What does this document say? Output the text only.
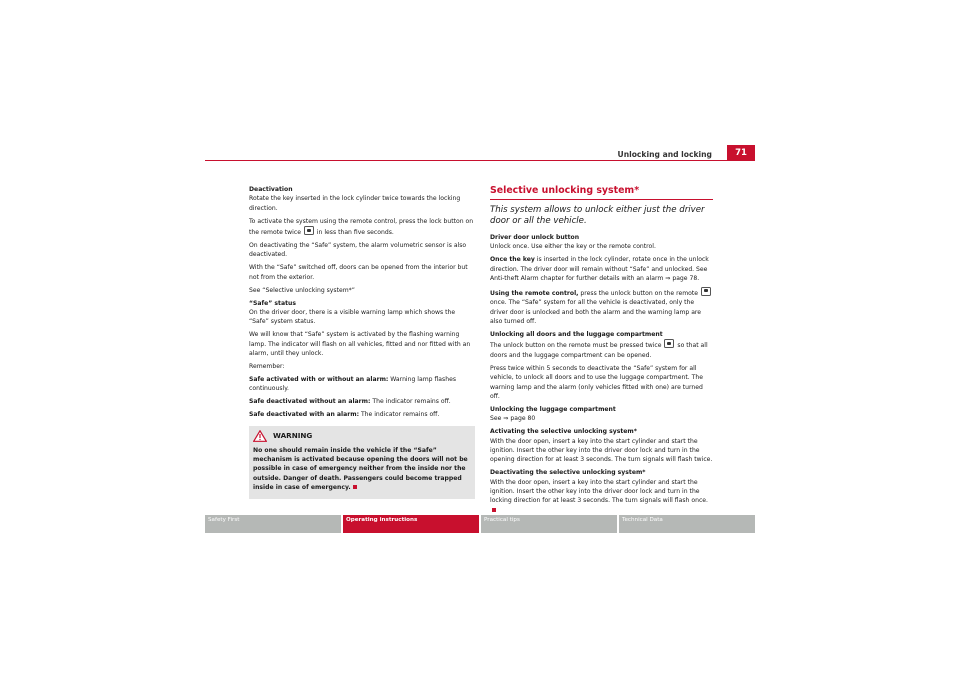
Unlocking and locking	71

Deactivation
Rotate the key inserted in the lock cylinder twice towards the locking direction.

To activate the system using the remote control, press the lock button on the remote twice	in less than five seconds.

On deactivating the “Safe” system, the alarm volumetric sensor is also deactivated.

With the “Safe” switched off, doors can be opened from the interior but not from the exterior.

See “Selective unlocking system*”

“Safe” status
On the driver door, there is a visible warning lamp which shows the “Safe” system status.

We will know that “Safe” system is activated by the flashing warning lamp. The indicator will flash on all vehicles, fitted and nor fitted with an alarm, until they unlock.

Remember:

Safe activated with or without an alarm: Warning lamp flashes continuously.

Safe deactivated without an alarm: The indicator remains off.

Safe deactivated with an alarm: The indicator remains off.

WARNING
No one should remain inside the vehicle if the “Safe” mechanism is activated because opening the doors will not be possible in case of emergency neither from the inside nor the outside. Danger of death. Passengers could become trapped inside in case of emergency.
Selective unlocking system*
This system allows to unlock either just the driver door or all the vehicle.

Driver door unlock button
Unlock once. Use either the key or the remote control.

Once the key is inserted in the lock cylinder, rotate once in the unlock direction. The driver door will remain without “Safe” and unlocked. See Anti-theft Alarm chapter for further details with an alarm ⇒ page 78.

Using the remote control, press the unlock button on the remote  once. The “Safe” system for all the vehicle is deactivated, only the driver door is unlocked and both the alarm and the warning lamp are also turned off.

Unlocking all doors and the luggage compartment
The unlock button on the remote must be pressed twice	so that all doors and the luggage compartment can be opened.

Press twice within 5 seconds to deactivate the “Safe” system for all vehicle, to unlock all doors and to use the luggage compartment. The warning lamp and the alarm (only vehicles fitted with one) are turned off.

Unlocking the luggage compartment
See ⇒ page 80

Activating the selective unlocking system*
With the door open, insert a key into the start cylinder and start the ignition. Insert the other key into the driver door lock and turn in the opening direction for at least 3 seconds. The turn signals will flash twice.

Deactivating the selective unlocking system*
With the door open, insert a key into the start cylinder and start the ignition. Insert the other key into the driver door lock and turn in the locking direction for at least 3 seconds. The turn signals will flash once.

Safety First	Operating instructions	Practical tips	Technical Data
